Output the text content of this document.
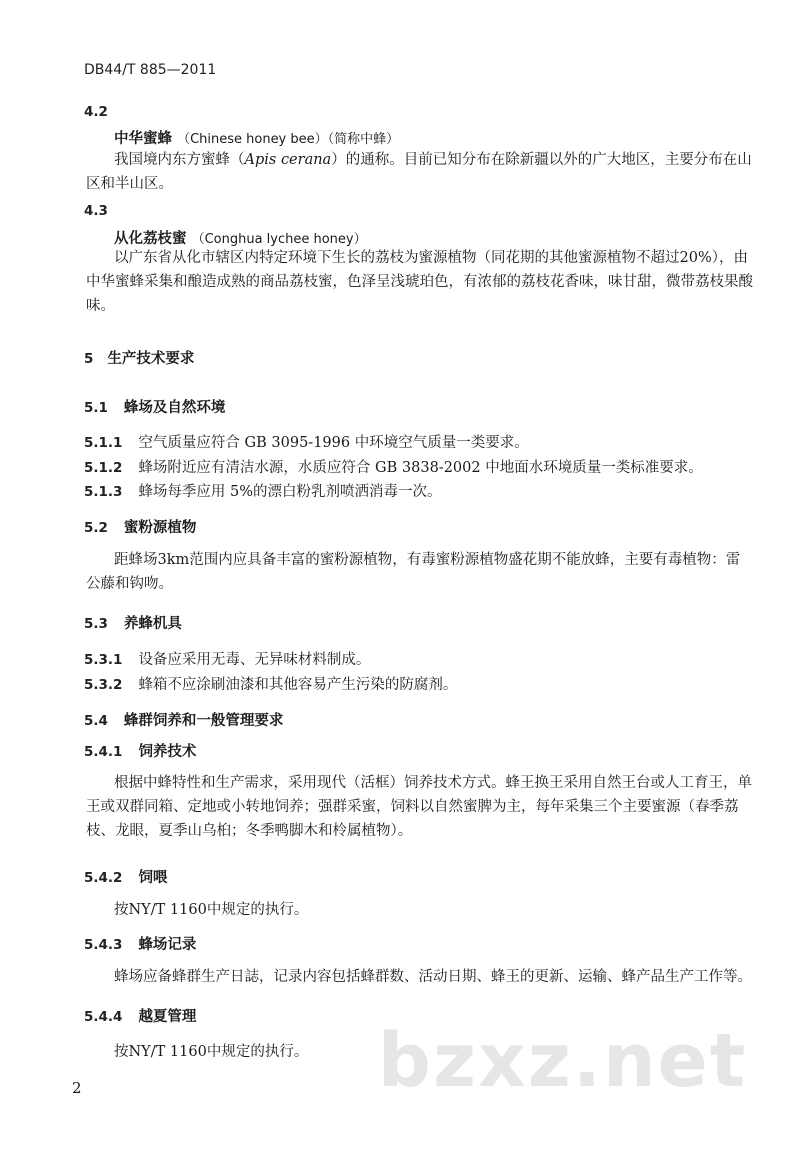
DB44/T 885—2011
4.2
中华蜜蜂 （Chinese honey bee）（简称中蜂）
我国境内东方蜜蜂（Apis cerana）的通称。目前已知分布在除新疆以外的广大地区，主要分布在山区和半山区。
4.3
从化荔枝蜜 （Conghua lychee honey）
以广东省从化市辖区内特定环境下生长的荔枝为蜜源植物（同花期的其他蜜源植物不超过20%），由中华蜜蜂采集和酿造成熟的商品荔枝蜜，色泽呈浅琥珀色，有浓郁的荔枝花香味，味甘甜，微带荔枝果酸味。
5 生产技术要求
5.1 蜂场及自然环境
5.1.1 空气质量应符合 GB 3095-1996 中环境空气质量一类要求。
5.1.2 蜂场附近应有清洁水源，水质应符合 GB 3838-2002 中地面水环境质量一类标准要求。
5.1.3 蜂场每季应用 5%的漂白粉乳剂喷洒消毒一次。
5.2 蜜粉源植物
距蜂场3km范围内应具备丰富的蜜粉源植物，有毒蜜粉源植物盛花期不能放蜂，主要有毒植物：雷公藤和钩吻。
5.3 养蜂机具
5.3.1 设备应采用无毒、无异味材料制成。
5.3.2 蜂箱不应涂刷油漆和其他容易产生污染的防腐剂。
5.4 蜂群饲养和一般管理要求
5.4.1 饲养技术
根据中蜂特性和生产需求，采用现代（活框）饲养技术方式。蜂王换王采用自然王台或人工育王，单王或双群同箱、定地或小转地饲养；强群采蜜，饲料以自然蜜脾为主，每年采集三个主要蜜源（春季荔枝、龙眼，夏季山乌桕；冬季鸭脚木和柃属植物）。
5.4.2 饲喂
按NY/T 1160中规定的执行。
5.4.3 蜂场记录
蜂场应备蜂群生产日誌，记录内容包括蜂群数、活动日期、蜂王的更新、运输、蜂产品生产工作等。
5.4.4 越夏管理
按NY/T 1160中规定的执行。 bzxz.net
2
